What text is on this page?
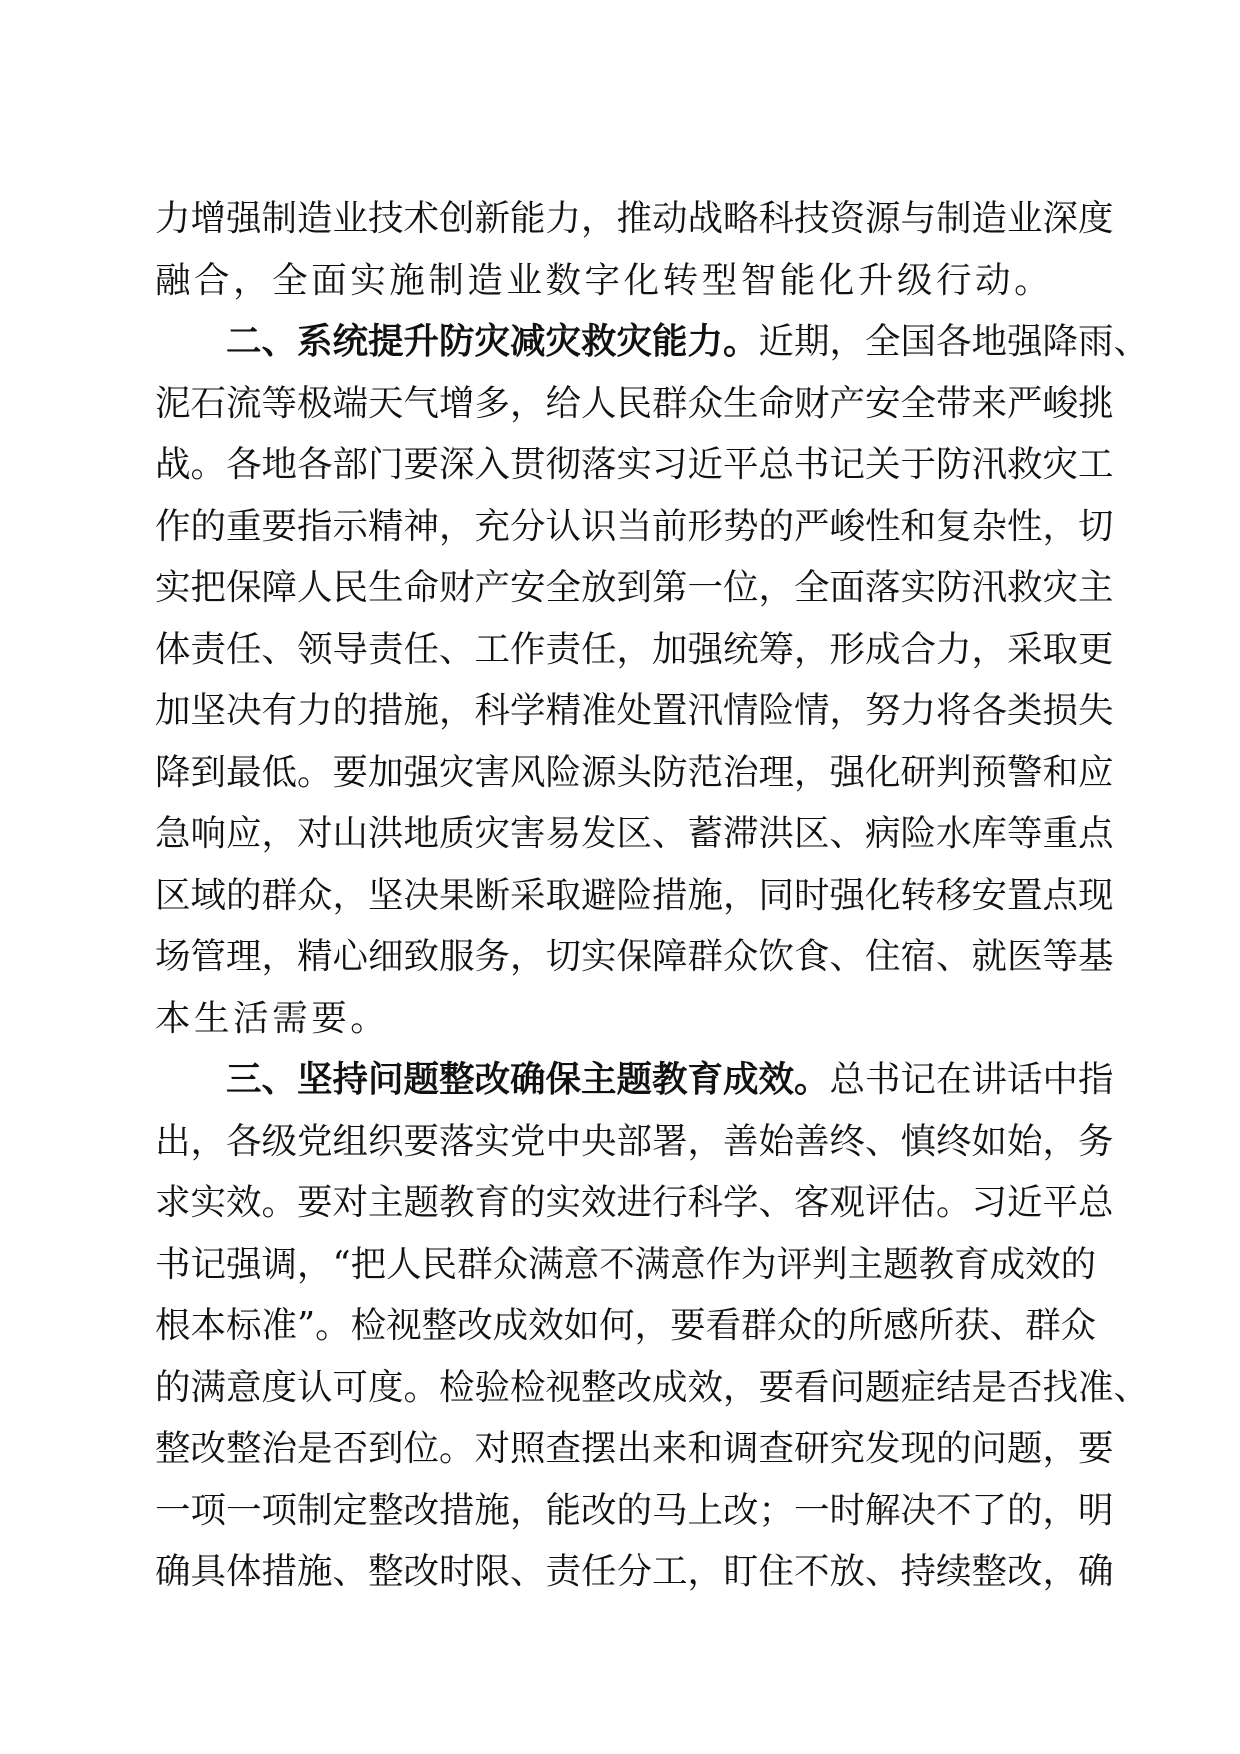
力增强制造业技术创新能力，推动战略科技资源与制造业深度
融合，全面实施制造业数字化转型智能化升级行动。
二、系统提升防灾减灾救灾能力。近期，全国各地强降雨、
泥石流等极端天气增多，给人民群众生命财产安全带来严峻挑
战。各地各部门要深入贯彻落实习近平总书记关于防汛救灾工
作的重要指示精神，充分认识当前形势的严峻性和复杂性，切
实把保障人民生命财产安全放到第一位，全面落实防汛救灾主
体责任、领导责任、工作责任，加强统筹，形成合力，采取更
加坚决有力的措施，科学精准处置汛情险情，努力将各类损失
降到最低。要加强灾害风险源头防范治理，强化研判预警和应
急响应，对山洪地质灾害易发区、蓄滞洪区、病险水库等重点
区域的群众，坚决果断采取避险措施，同时强化转移安置点现
场管理，精心细致服务，切实保障群众饮食、住宿、就医等基
本生活需要。
三、坚持问题整改确保主题教育成效。总书记在讲话中指
出，各级党组织要落实党中央部署，善始善终、慎终如始，务
求实效。要对主题教育的实效进行科学、客观评估。习近平总
书记强调，“把人民群众满意不满意作为评判主题教育成效的
根本标准”。检视整改成效如何，要看群众的所感所获、群众
的满意度认可度。检验检视整改成效，要看问题症结是否找准、
整改整治是否到位。对照查摆出来和调查研究发现的问题，要
一项一项制定整改措施，能改的马上改；一时解决不了的，明
确具体措施、整改时限、责任分工，盯住不放、持续整改，确
